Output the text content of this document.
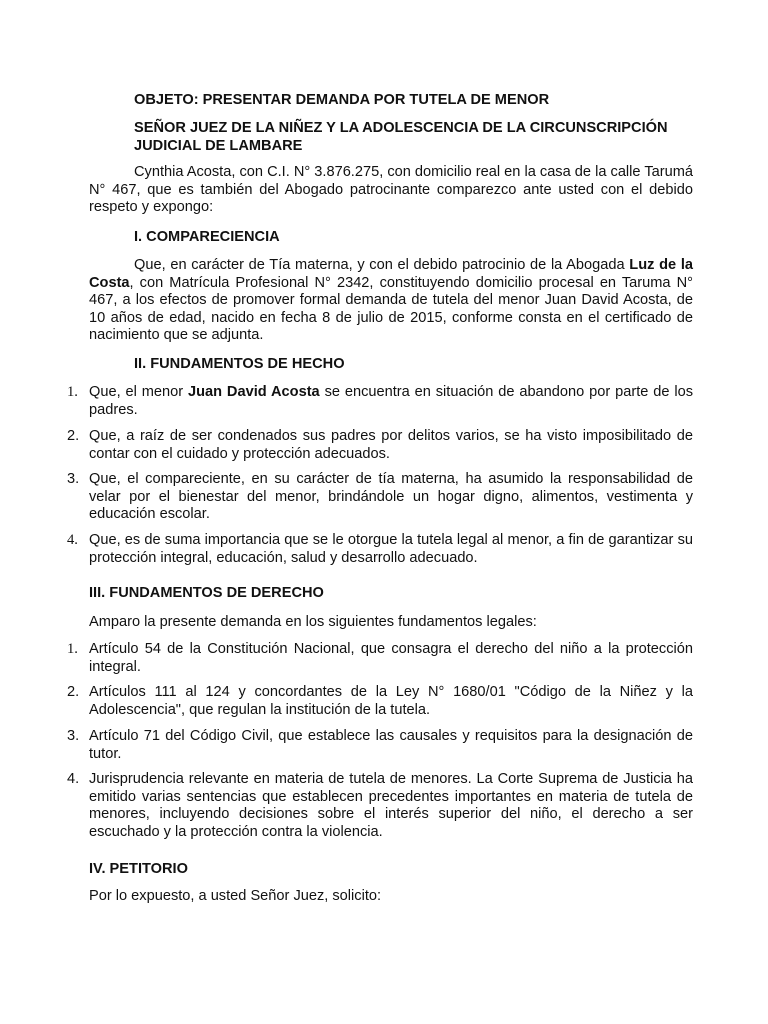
OBJETO: PRESENTAR DEMANDA POR TUTELA DE MENOR

SEÑOR JUEZ DE LA NIÑEZ Y LA ADOLESCENCIA DE LA CIRCUNSCRIPCIÓN JUDICIAL DE LAMBARE

Cynthia Acosta, con C.I. N° 3.876.275, con domicilio real en la casa de la calle Tarumá N° 467, que es también del Abogado patrocinante comparezco ante usted con el debido respeto y expongo:

I. COMPARECIENCIA

Que, en carácter de Tía materna, y con el debido patrocinio de la Abogada Luz de la Costa, con Matrícula Profesional N° 2342, constituyendo domicilio procesal en Taruma N° 467, a los efectos de promover formal demanda de tutela del menor Juan David Acosta, de 10 años de edad, nacido en fecha 8 de julio de 2015, conforme consta en el certificado de nacimiento que se adjunta.

II. FUNDAMENTOS DE HECHO

1. Que, el menor Juan David Acosta se encuentra en situación de abandono por parte de los padres.
2. Que, a raíz de ser condenados sus padres por delitos varios, se ha visto imposibilitado de contar con el cuidado y protección adecuados.
3. Que, el compareciente, en su carácter de tía materna, ha asumido la responsabilidad de velar por el bienestar del menor, brindándole un hogar digno, alimentos, vestimenta y educación escolar.
4. Que, es de suma importancia que se le otorgue la tutela legal al menor, a fin de garantizar su protección integral, educación, salud y desarrollo adecuado.

III. FUNDAMENTOS DE DERECHO

Amparo la presente demanda en los siguientes fundamentos legales:

1. Artículo 54 de la Constitución Nacional, que consagra el derecho del niño a la protección integral.
2. Artículos 111 al 124 y concordantes de la Ley N° 1680/01 "Código de la Niñez y la Adolescencia", que regulan la institución de la tutela.
3. Artículo 71 del Código Civil, que establece las causales y requisitos para la designación de tutor.
4. Jurisprudencia relevante en materia de tutela de menores. La Corte Suprema de Justicia ha emitido varias sentencias que establecen precedentes importantes en materia de tutela de menores, incluyendo decisiones sobre el interés superior del niño, el derecho a ser escuchado y la protección contra la violencia.

IV. PETITORIO

Por lo expuesto, a usted Señor Juez, solicito:
